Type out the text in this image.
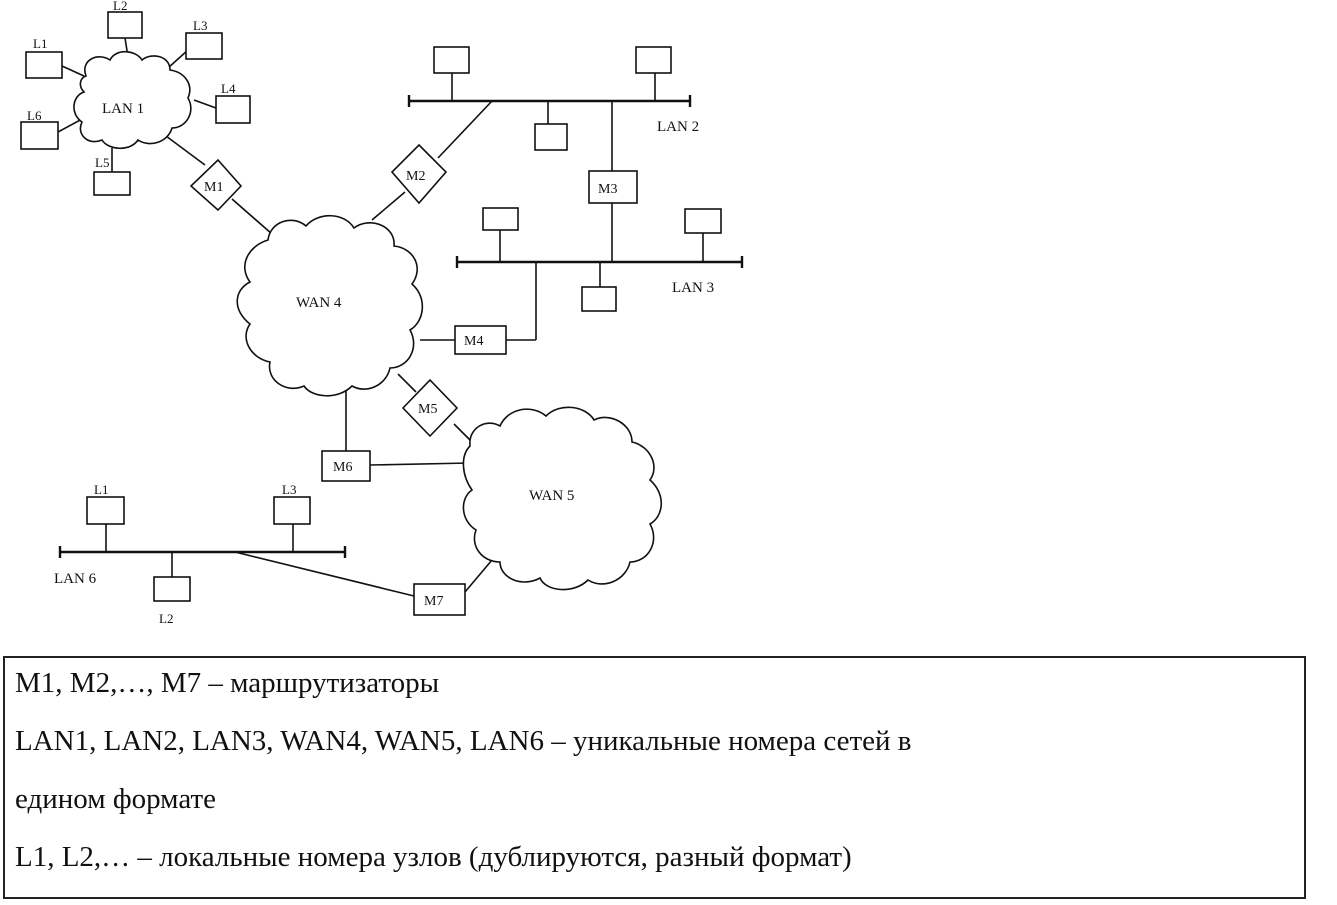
LAN 1
LAN 2
LAN 3
WAN 4
WAN 5
LAN 6
M1
M2
M3
M4
M5
M6
M7
L1
L2
L3
L4
L6
L5
L1	L3
L2
M1, M2,…, M7 – маршрутизаторы
LAN1, LAN2, LAN3, WAN4, WAN5, LAN6 – уникальные номера сетей в
едином формате
L1, L2,… – локальные номера узлов (дублируются, разный формат)
